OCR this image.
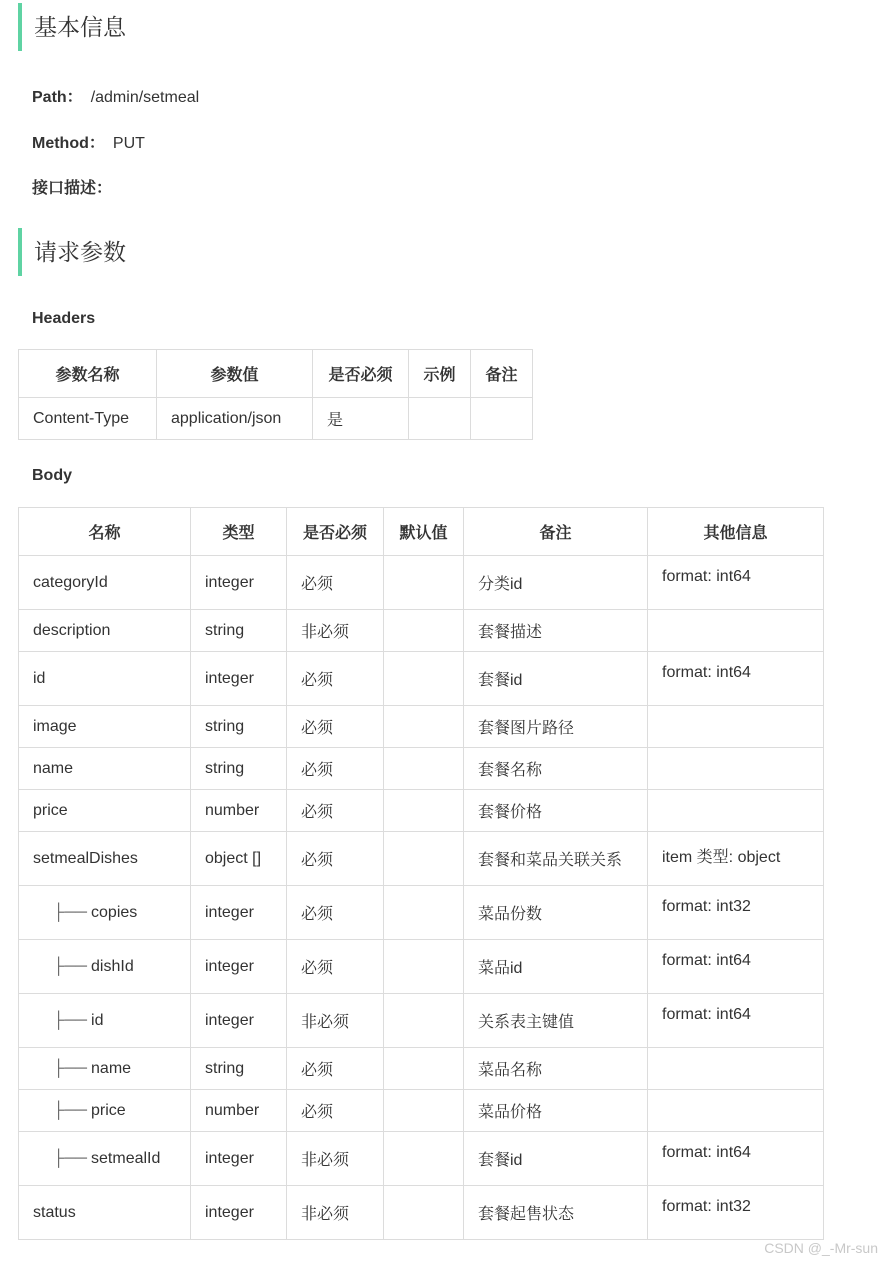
基本信息
Path： /admin/setmeal
Method： PUT
接口描述：
请求参数
Headers
参数名称	参数值	是否必须	示例	备注
Content-Type	application/json	是		
Body
名称	类型	是否必须	默认值	备注	其他信息
categoryId	integer	必须		分类id	format: int64
description	string	非必须		套餐描述	
id	integer	必须		套餐id	format: int64
image	string	必须		套餐图片路径	
name	string	必须		套餐名称	
price	number	必须		套餐价格	
setmealDishes	object []	必须		套餐和菜品关联关系	item 类型: object
├── copies	integer	必须		菜品份数	format: int32
├── dishId	integer	必须		菜品id	format: int64
├── id	integer	非必须		关系表主键值	format: int64
├── name	string	必须		菜品名称	
├── price	number	必须		菜品价格	
├── setmealId	integer	非必须		套餐id	format: int64
status	integer	非必须		套餐起售状态	format: int32
CSDN @_-Mr-sun
